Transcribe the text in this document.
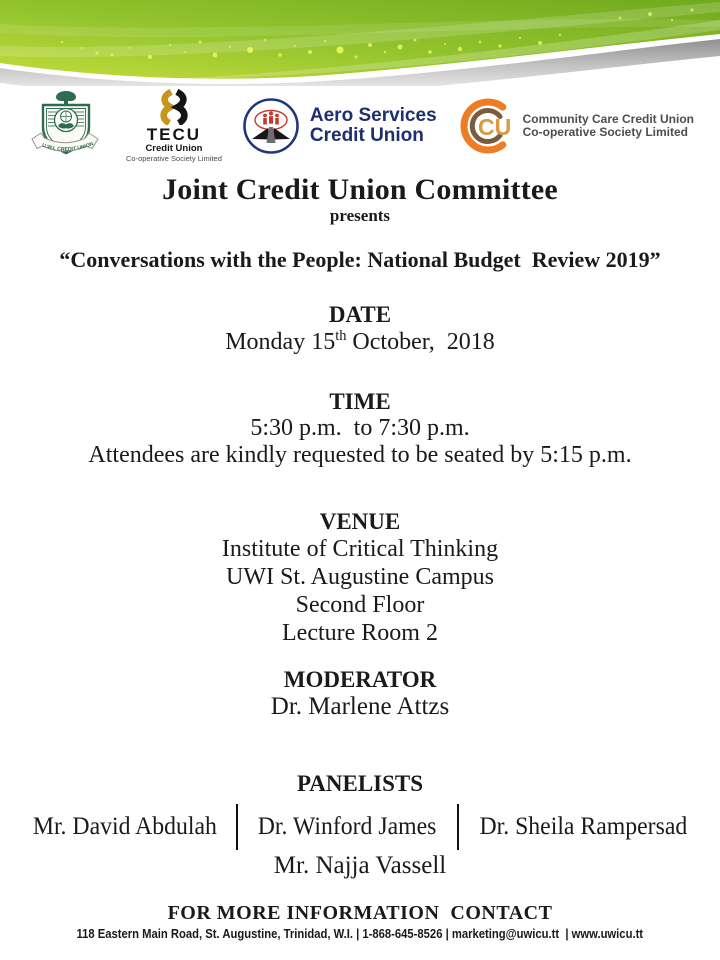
U.W.I. CREDIT UNION
TECU
Credit Union
Co-operative Society Limited
Aero Services
Credit Union	CU Community Care Credit Union
Co-operative Society Limited
Joint Credit Union Committee
presents
“Conversations with the People: National Budget  Review 2019”
DATE
Monday 15th October,  2018
TIME
5:30 p.m.  to 7:30 p.m.
Attendees are kindly requested to be seated by 5:15 p.m.
VENUE
Institute of Critical Thinking
UWI St. Augustine Campus
Second Floor
Lecture Room 2
MODERATOR
Dr. Marlene Attzs
PANELISTS
Mr. David Abdulah Dr. Winford James Dr. Sheila Rampersad
Mr. Najja Vassell
FOR MORE INFORMATION  CONTACT
118 Eastern Main Road, St. Augustine, Trinidad, W.I. | 1-868-645-8526 | marketing@uwicu.tt  | www.uwicu.tt
